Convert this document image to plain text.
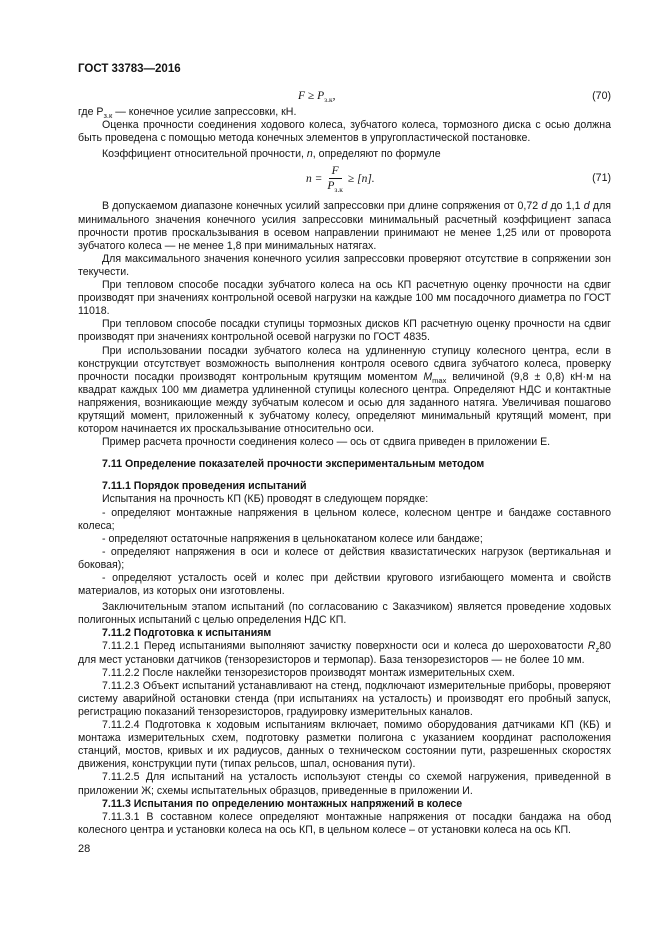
ГОСТ 33783—2016
$F \ge P_{з.к}$,	(70)

где $P_{з.к}$ — конечное усилие запрессовки, кН.

Оценка прочности соединения ходового колеса, зубчатого колеса, тормозного диска с осью должна быть проведена с помощью метода конечных элементов в упругопластической постановке.

Коэффициент относительной прочности, n, определяют по формуле

$n = \frac{F}{P_{з.к}} \ge [n]$.	(71)

В допускаемом диапазоне конечных усилий запрессовки при длине сопряжения от 0,72 d до 1,1 d для минимального значения конечного усилия запрессовки минимальный расчетный коэффициент запаса прочности против проскальзывания в осевом направлении принимают не менее 1,25 или от проворота зубчатого колеса — не менее 1,8 при минимальных натягах.

Для максимального значения конечного усилия запрессовки проверяют отсутствие в сопряжении зон текучести.

При тепловом способе посадки зубчатого колеса на ось КП расчетную оценку прочности на сдвиг производят при значениях контрольной осевой нагрузки на каждые 100 мм посадочного диаметра по ГОСТ 11018.

При тепловом способе посадки ступицы тормозных дисков КП расчетную оценку прочности на сдвиг производят при значениях контрольной осевой нагрузки по ГОСТ 4835.

При использовании посадки зубчатого колеса на удлиненную ступицу колесного центра, если в конструкции отсутствует возможность выполнения контроля осевого сдвига зубчатого колеса, проверку прочности посадки производят контрольным крутящим моментом $M_{max}$ величиной (9,8 ± 0,8) кН·м на квадрат каждых 100 мм диаметра удлиненной ступицы колесного центра. Определяют НДС и контактные напряжения, возникающие между зубчатым колесом и осью для заданного натяга. Увеличивая пошагово крутящий момент, приложенный к зубчатому колесу, определяют минимальный крутящий момент, при котором начинается их проскальзывание относительно оси.

Пример расчета прочности соединения колесо — ось от сдвига приведен в приложении Е.

7.11 Определение показателей прочности экспериментальным методом

7.11.1 Порядок проведения испытаний

Испытания на прочность КП (КБ) проводят в следующем порядке:

- определяют монтажные напряжения в цельном колесе, колесном центре и бандаже составного колеса;

- определяют остаточные напряжения в цельнокатаном колесе или бандаже;

- определяют напряжения в оси и колесе от действия квазистатических нагрузок (вертикальная и боковая);

- определяют усталость осей и колес при действии кругового изгибающего момента и свойств материалов, из которых они изготовлены.

Заключительным этапом испытаний (по согласованию с Заказчиком) является проведение ходовых полигонных испытаний с целью определения НДС КП.

7.11.2 Подготовка к испытаниям

7.11.2.1 Перед испытаниями выполняют зачистку поверхности оси и колеса до шероховатости $R_z80$ для мест установки датчиков (тензорезисторов и термопар). База тензорезисторов — не более 10 мм.

7.11.2.2 После наклейки тензорезисторов производят монтаж измерительных схем.

7.11.2.3 Объект испытаний устанавливают на стенд, подключают измерительные приборы, проверяют систему аварийной остановки стенда (при испытаниях на усталость) и производят его пробный запуск, регистрацию показаний тензорезисторов, градуировку измерительных каналов.

7.11.2.4 Подготовка к ходовым испытаниям включает, помимо оборудования датчиками КП (КБ) и монтажа измерительных схем, подготовку разметки полигона с указанием координат расположения станций, мостов, кривых и их радиусов, данных о техническом состоянии пути, разрешенных скоростях движения, конструкции пути (типах рельсов, шпал, основания пути).

7.11.2.5 Для испытаний на усталость используют стенды со схемой нагружения, приведенной в приложении Ж; схемы испытательных образцов, приведенные в приложении И.

7.11.3 Испытания по определению монтажных напряжений в колесе

7.11.3.1 В составном колесе определяют монтажные напряжения от посадки бандажа на обод колесного центра и установки колеса на ось КП, в цельном колесе – от установки колеса на ось КП.

28
